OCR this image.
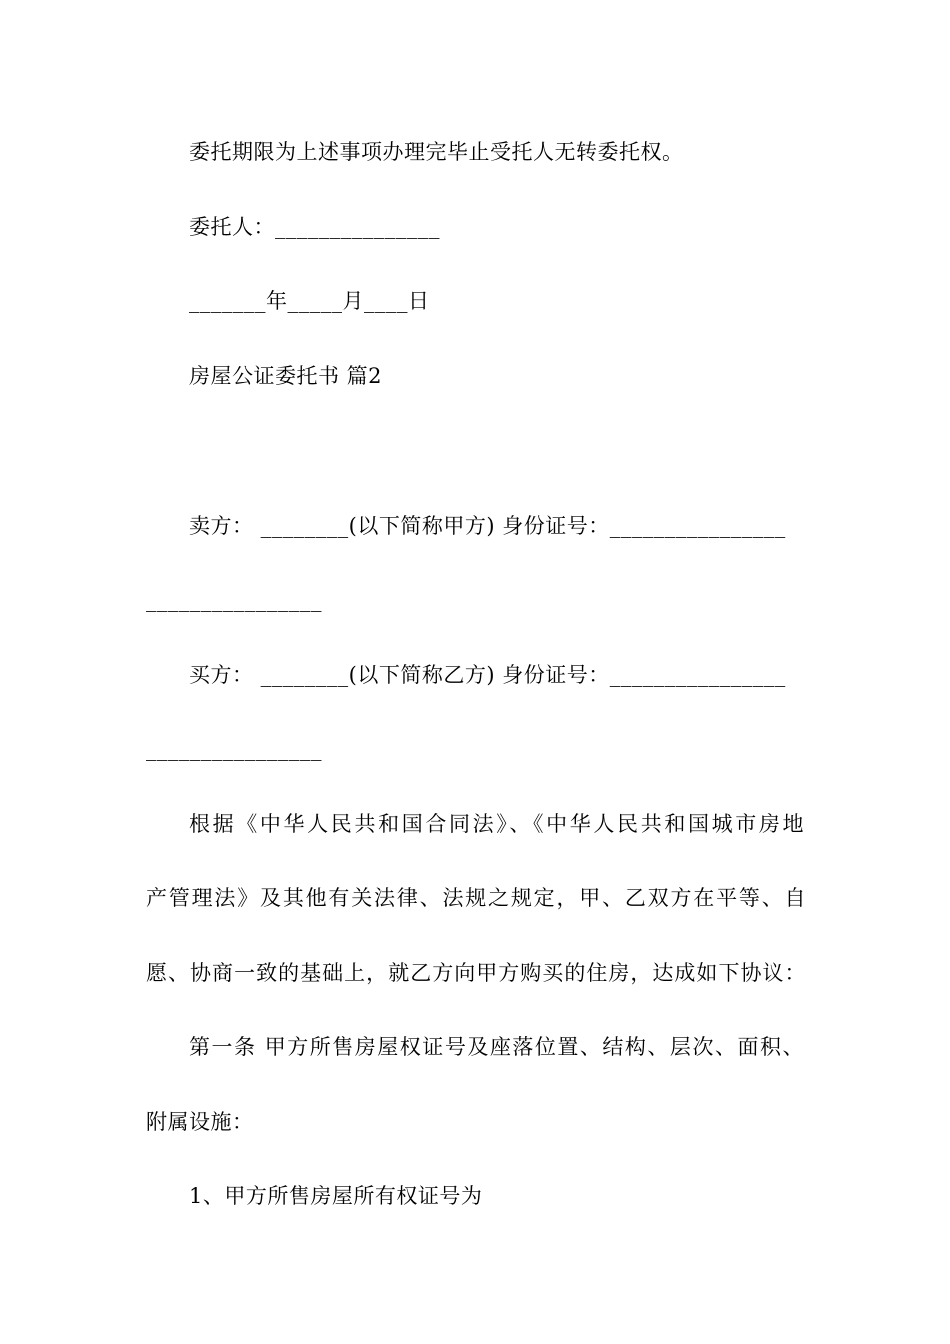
委托期限为上述事项办理完毕止受托人无转委托权。
委托人：_______________
_______年_____月____日
房屋公证委托书 篇2
卖方： ________(以下简称甲方) 身份证号：________________
________________
买方： ________(以下简称乙方) 身份证号：________________
________________
根据《中华人民共和国合同法》、《中华人民共和国城市房地
产管理法》及其他有关法律、法规之规定，甲、乙双方在平等、自
愿、协商一致的基础上，就乙方向甲方购买的住房，达成如下协议：
第一条 甲方所售房屋权证号及座落位置、结构、层次、面积、
附属设施：
1、甲方所售房屋所有权证号为
